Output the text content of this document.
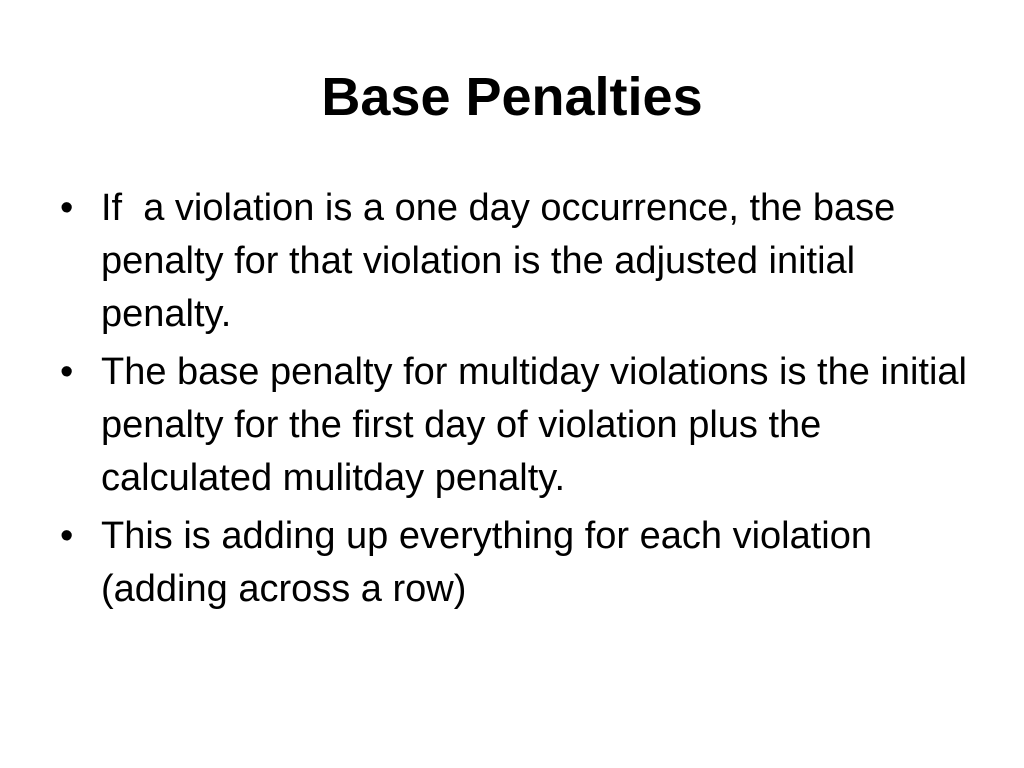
Base Penalties
• If  a violation is a one day occurrence, the base penalty for that violation is the adjusted initial penalty.
• The base penalty for multiday violations is the initial penalty for the first day of violation plus the calculated mulitday penalty.
• This is adding up everything for each violation (adding across a row)
